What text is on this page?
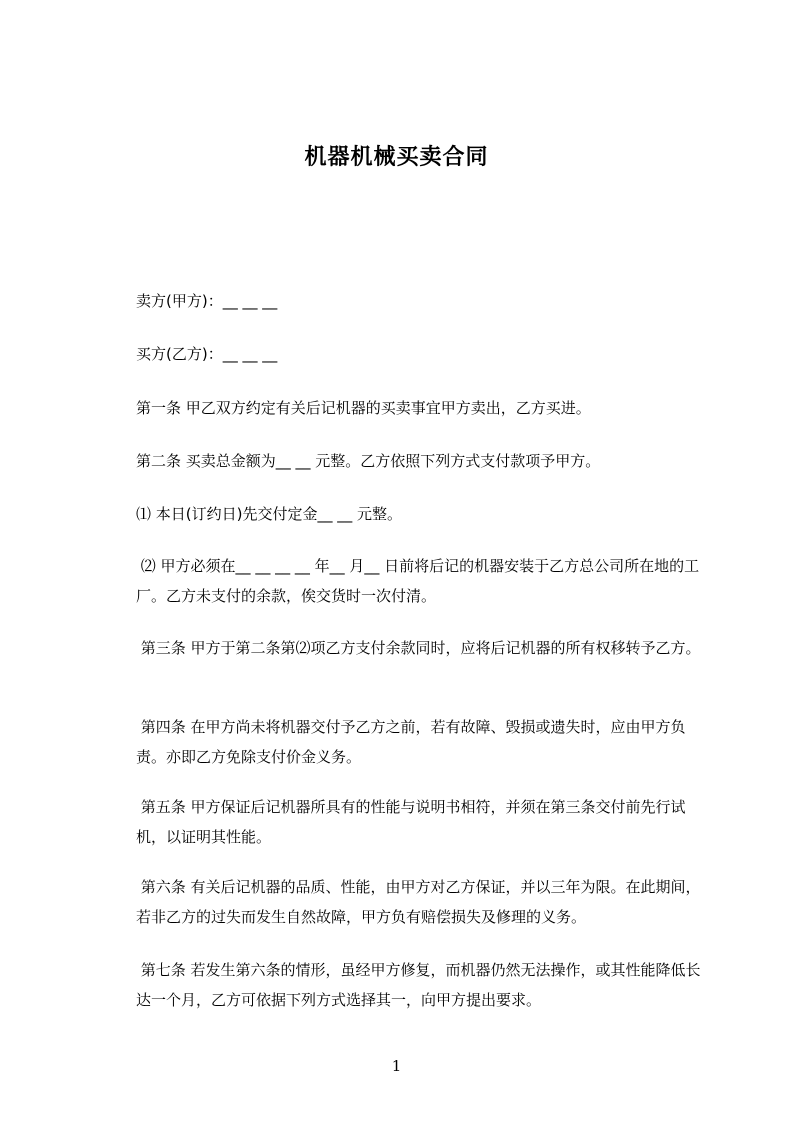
机器机械买卖合同
卖方(甲方)：__ __ __
买方(乙方)：__ __ __
第一条 甲乙双方约定有关后记机器的买卖事宜甲方卖出，乙方买进。
第二条 买卖总金额为__ __ 元整。乙方依照下列方式支付款项予甲方。
⑴ 本日(订约日)先交付定金__ __ 元整。
⑵ 甲方必须在__ __ __ __ 年__ 月__ 日前将后记的机器安装于乙方总公司所在地的工厂。乙方未支付的余款，俟交货时一次付清。
第三条 甲方于第二条第⑵项乙方支付余款同时，应将后记机器的所有权移转予乙方。
第四条 在甲方尚未将机器交付予乙方之前，若有故障、毁损或遗失时，应由甲方负责。亦即乙方免除支付价金义务。
第五条 甲方保证后记机器所具有的性能与说明书相符，并须在第三条交付前先行试机，以证明其性能。
第六条 有关后记机器的品质、性能，由甲方对乙方保证，并以三年为限。在此期间，若非乙方的过失而发生自然故障，甲方负有赔偿损失及修理的义务。
第七条 若发生第六条的情形，虽经甲方修复，而机器仍然无法操作，或其性能降低长达一个月，乙方可依据下列方式选择其一，向甲方提出要求。
1
